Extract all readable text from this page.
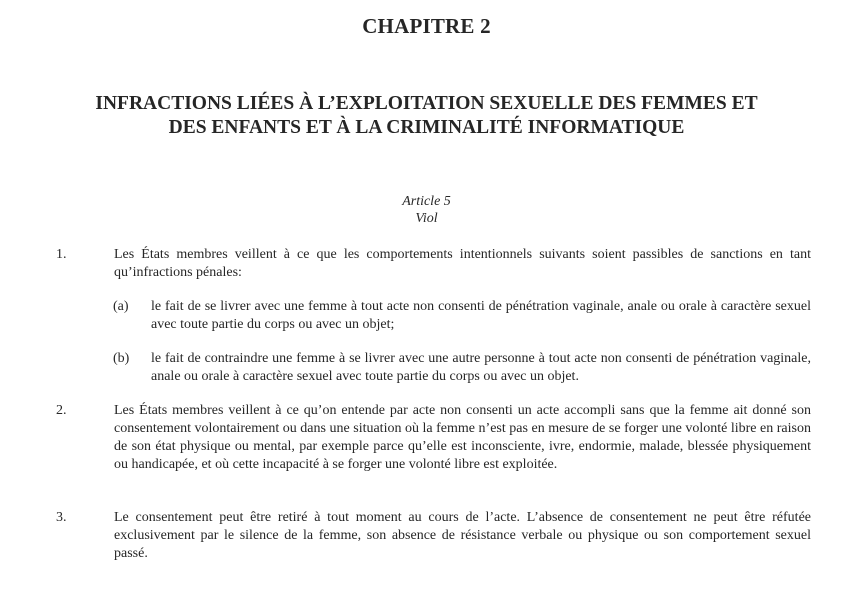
CHAPITRE 2
INFRACTIONS LIÉES À L’EXPLOITATION SEXUELLE DES FEMMES ET
DES ENFANTS ET À LA CRIMINALITÉ INFORMATIQUE
Article 5
Viol
1.	Les États membres veillent à ce que les comportements intentionnels suivants soient passibles de sanctions en tant qu’infractions pénales:
(a) le fait de se livrer avec une femme à tout acte non consenti de pénétration vaginale, anale ou orale à caractère sexuel avec toute partie du corps ou avec un objet;
(b) le fait de contraindre une femme à se livrer avec une autre personne à tout acte non consenti de pénétration vaginale, anale ou orale à caractère sexuel avec toute partie du corps ou avec un objet.
2.	Les États membres veillent à ce qu’on entende par acte non consenti un acte accompli sans que la femme ait donné son consentement volontairement ou dans une situation où la femme n’est pas en mesure de se forger une volonté libre en raison de son état physique ou mental, par exemple parce qu’elle est inconsciente, ivre, endormie, malade, blessée physiquement ou handicapée, et où cette incapacité à se forger une volonté libre est exploitée.
3.	Le consentement peut être retiré à tout moment au cours de l’acte. L’absence de consentement ne peut être réfutée exclusivement par le silence de la femme, son absence de résistance verbale ou physique ou son comportement sexuel passé.
